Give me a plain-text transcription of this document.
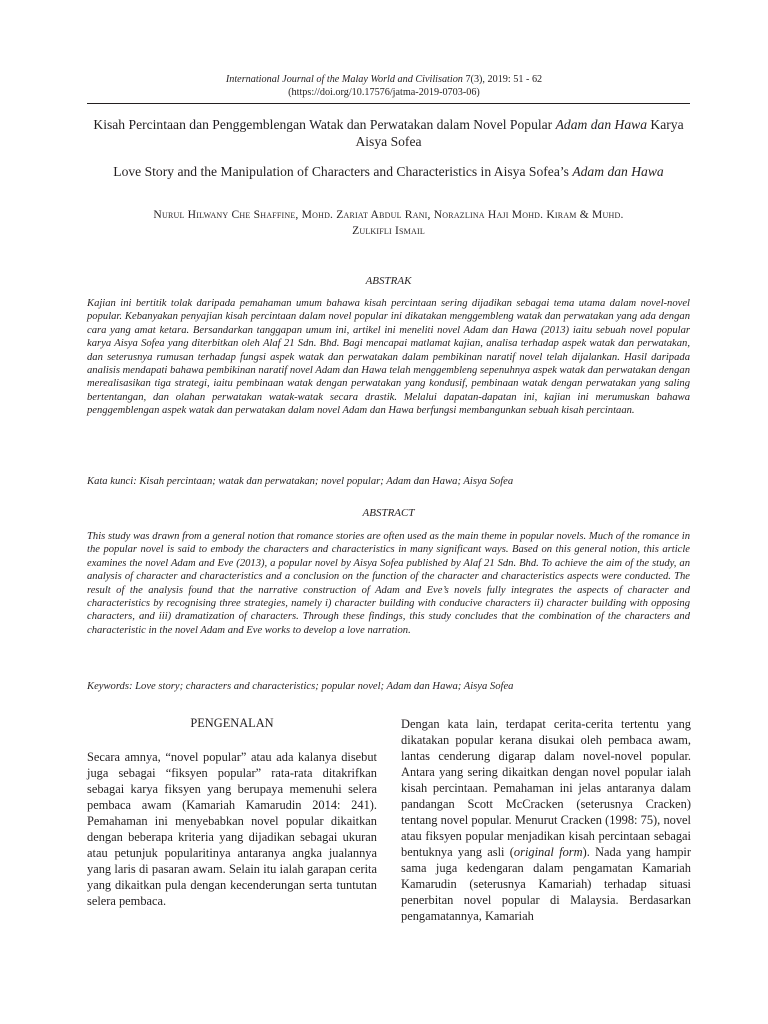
International Journal of the Malay World and Civilisation 7(3), 2019: 51 - 62
(https://doi.org/10.17576/jatma-2019-0703-06)
Kisah Percintaan dan Penggemblengan Watak dan Perwatakan dalam Novel Popular Adam dan Hawa Karya Aisya Sofea
Love Story and the Manipulation of Characters and Characteristics in Aisya Sofea’s Adam dan Hawa
Nurul Hilwany Che Shaffine, Mohd. Zariat Abdul Rani, Norazlina Haji Mohd. Kiram & Muhd.
Zulkifli Ismail
ABSTRAK
Kajian ini bertitik tolak daripada pemahaman umum bahawa kisah percintaan sering dijadikan sebagai tema utama dalam novel-novel popular. Kebanyakan penyajian kisah percintaan dalam novel popular ini dikatakan menggembleng watak dan perwatakan yang ada dengan cara yang amat ketara. Bersandarkan tanggapan umum ini, artikel ini meneliti novel Adam dan Hawa (2013) iaitu sebuah novel popular karya Aisya Sofea yang diterbitkan oleh Alaf 21 Sdn. Bhd. Bagi mencapai matlamat kajian, analisa terhadap aspek watak dan perwatakan, dan seterusnya rumusan terhadap fungsi aspek watak dan perwatakan dalam pembikinan naratif novel telah dijalankan. Hasil daripada analisis mendapati bahawa pembikinan naratif novel Adam dan Hawa telah menggembleng sepenuhnya aspek watak dan perwatakan dengan merealisasikan tiga strategi, iaitu pembinaan watak dengan perwatakan yang kondusif, pembinaan watak dengan perwatakan yang saling bertentangan, dan olahan perwatakan watak-watak secara drastik. Melalui dapatan-dapatan ini, kajian ini merumuskan bahawa penggemblengan aspek watak dan perwatakan dalam novel Adam dan Hawa berfungsi membangunkan sebuah kisah percintaan.
Kata kunci: Kisah percintaan; watak dan perwatakan; novel popular; Adam dan Hawa; Aisya Sofea
ABSTRACT
This study was drawn from a general notion that romance stories are often used as the main theme in popular novels. Much of the romance in the popular novel is said to embody the characters and characteristics in many significant ways. Based on this general notion, this article examines the novel Adam and Eve (2013), a popular novel by Aisya Sofea published by Alaf 21 Sdn. Bhd. To achieve the aim of the study, an analysis of character and characteristics and a conclusion on the function of the character and characteristics aspects were conducted. The result of the analysis found that the narrative construction of Adam and Eve’s novels fully integrates the aspects of character and characteristics by recognising three strategies, namely i) character building with conducive characters ii) character building with opposing characters, and iii) dramatization of characters. Through these findings, this study concludes that the combination of the characters and characteristic in the novel Adam and Eve works to develop a love narration.
Keywords: Love story; characters and characteristics; popular novel; Adam dan Hawa; Aisya Sofea
PENGENALAN

Secara amnya, “novel popular” atau ada kalanya disebut juga sebagai “fiksyen popular” rata-rata ditakrifkan sebagai karya fiksyen yang berupaya memenuhi selera pembaca awam (Kamariah Kamarudin 2014: 241). Pemahaman ini menyebabkan novel popular dikaitkan dengan beberapa kriteria yang dijadikan sebagai ukuran atau petunjuk popularitinya antaranya angka jualannya yang laris di pasaran awam. Selain itu ialah garapan cerita yang dikaitkan pula dengan kecenderungan serta tuntutan selera pembaca.

Dengan kata lain, terdapat cerita-cerita tertentu yang dikatakan popular kerana disukai oleh pembaca awam, lantas cenderung digarap dalam novel-novel popular. Antara yang sering dikaitkan dengan novel popular ialah kisah percintaan. Pemahaman ini jelas antaranya dalam pandangan Scott McCracken (seterusnya Cracken) tentang novel popular. Menurut Cracken (1998: 75), novel atau fiksyen popular menjadikan kisah percintaan sebagai bentuknya yang asli (original form). Nada yang hampir sama juga kedengaran dalam pengamatan Kamariah Kamarudin (seterusnya Kamariah) terhadap situasi penerbitan novel popular di Malaysia. Berdasarkan pengamatannya, Kamariah
